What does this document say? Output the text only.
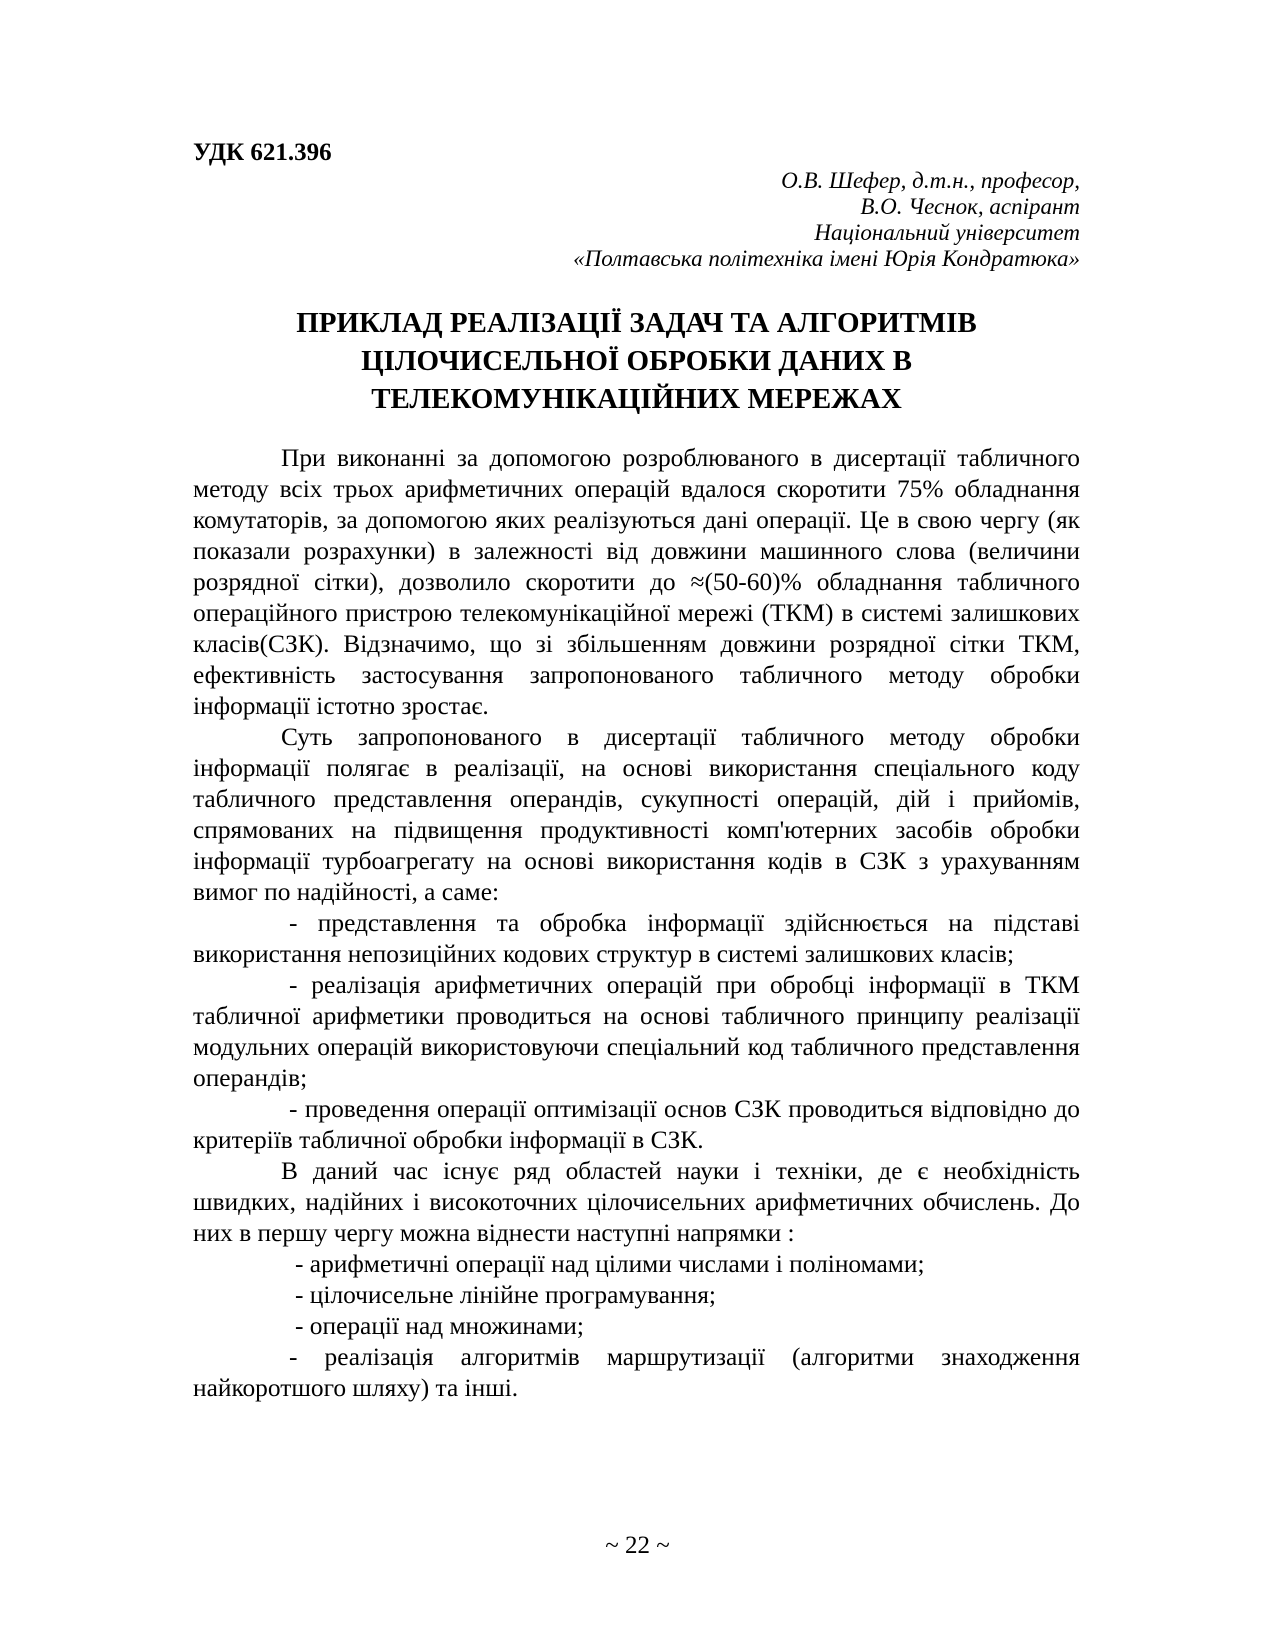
УДК 621.396
О.В. Шефер, д.т.н., професор,
В.О. Чеснок, аспірант
Національний університет
«Полтавська політехніка імені Юрія Кондратюка»
ПРИКЛАД РЕАЛІЗАЦІЇ ЗАДАЧ ТА АЛГОРИТМІВ
ЦІЛОЧИСЕЛЬНОЇ ОБРОБКИ ДАНИХ В
ТЕЛЕКОМУНІКАЦІЙНИХ МЕРЕЖАХ

При виконанні за допомогою розроблюваного в дисертації табличного методу всіх трьох арифметичних операцій вдалося скоротити 75% обладнання комутаторів, за допомогою яких реалізуються дані операції. Це в свою чергу (як показали розрахунки) в залежності від довжини машинного слова (величини розрядної сітки), дозволило скоротити до ≈(50-60)% обладнання табличного операційного пристрою телекомунікаційної мережі (ТКМ) в системі залишкових класів(СЗК). Відзначимо, що зі збільшенням довжини розрядної сітки ТКМ, ефективність застосування запропонованого табличного методу обробки інформації істотно зростає.

Суть запропонованого в дисертації табличного методу обробки інформації полягає в реалізації, на основі використання спеціального коду табличного представлення операндів, сукупності операцій, дій і прийомів, спрямованих на підвищення продуктивності комп'ютерних засобів обробки інформації турбоагрегату на основі використання кодів в СЗК з урахуванням вимог по надійності, а саме:

- представлення та обробка інформації здійснюється на підставі використання непозиційних кодових структур в системі залишкових класів;

- реалізація арифметичних операцій при обробці інформації в ТКМ табличної арифметики проводиться на основі табличного принципу реалізації модульних операцій використовуючи спеціальний код табличного представлення операндів;

- проведення операції оптимізації основ СЗК проводиться відповідно до критеріїв табличної обробки інформації в СЗК.

В даний час існує ряд областей науки і техніки, де є необхідність швидких, надійних і високоточних цілочисельних арифметичних обчислень. До них в першу чергу можна віднести наступні напрямки :

- арифметичні операції над цілими числами і поліномами;

- цілочисельне лінійне програмування;

- операції над множинами;

- реалізація алгоритмів маршрутизації (алгоритми знаходження найкоротшого шляху) та інші.

~ 22 ~
